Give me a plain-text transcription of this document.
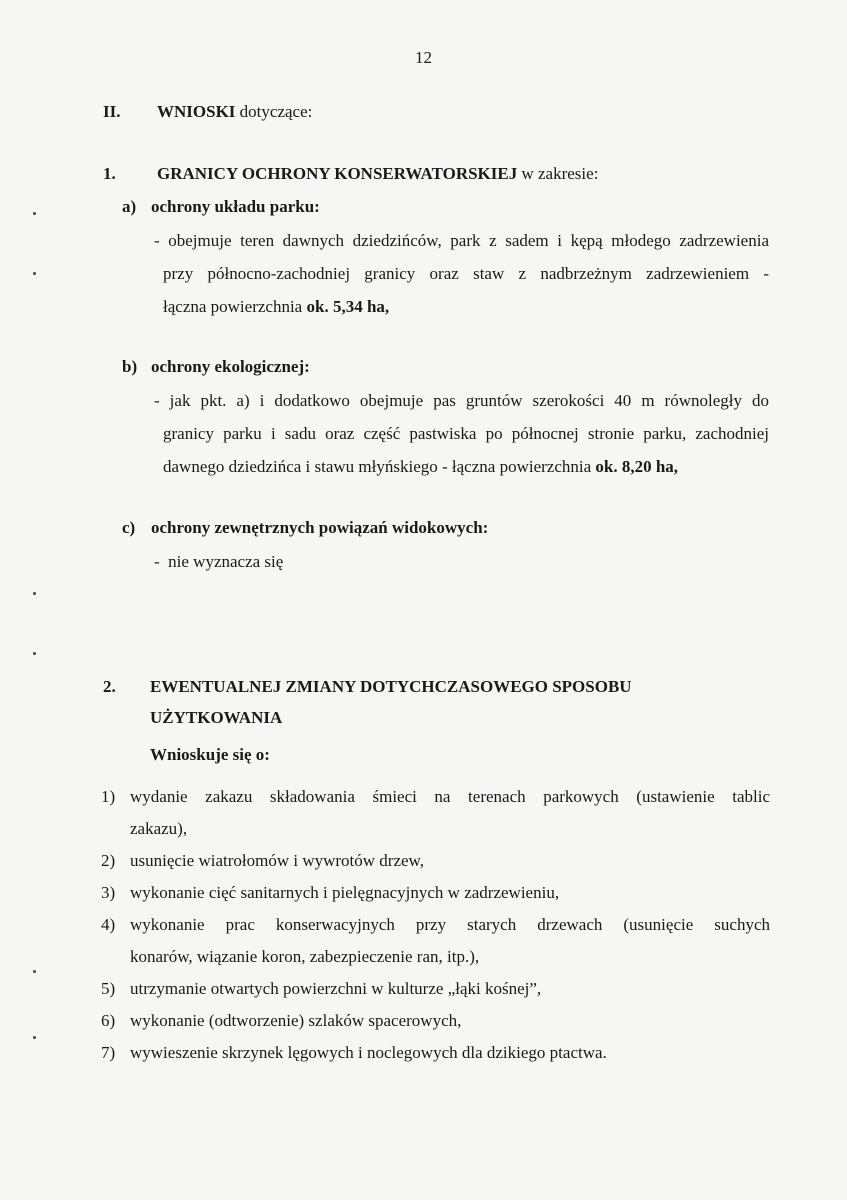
12
II. WNIOSKI dotyczące:
1. GRANICY OCHRONY KONSERWATORSKIEJ w zakresie:
a) ochrony układu parku:
- obejmuje teren dawnych dziedzińców, park z sadem i kępą młodego zadrzewienia
przy północno-zachodniej granicy oraz staw z nadbrzeżnym zadrzewieniem -
łączna powierzchnia ok. 5,34 ha,
b) ochrony ekologicznej:
- jak pkt. a) i dodatkowo obejmuje pas gruntów szerokości 40 m równoległy do
granicy parku i sadu oraz część pastwiska po północnej stronie parku, zachodniej
dawnego dziedzińca i stawu młyńskiego - łączna powierzchnia ok. 8,20 ha,
c) ochrony zewnętrznych powiązań widokowych:
-  nie wyznacza się
2. EWENTUALNEJ ZMIANY DOTYCHCZASOWEGO SPOSOBU
UŻYTKOWANIA
Wnioskuje się o:
1) wydanie zakazu składowania śmieci na terenach parkowych (ustawienie tablic
zakazu),
2) usunięcie wiatrołomów i wywrotów drzew,
3) wykonanie cięć sanitarnych i pielęgnacyjnych w zadrzewieniu,
4) wykonanie prac konserwacyjnych przy starych drzewach (usunięcie suchych
konarów, wiązanie koron, zabezpieczenie ran, itp.),
5) utrzymanie otwartych powierzchni w kulturze „łąki kośnej”,
6) wykonanie (odtworzenie) szlaków spacerowych,
7) wywieszenie skrzynek lęgowych i noclegowych dla dzikiego ptactwa.
